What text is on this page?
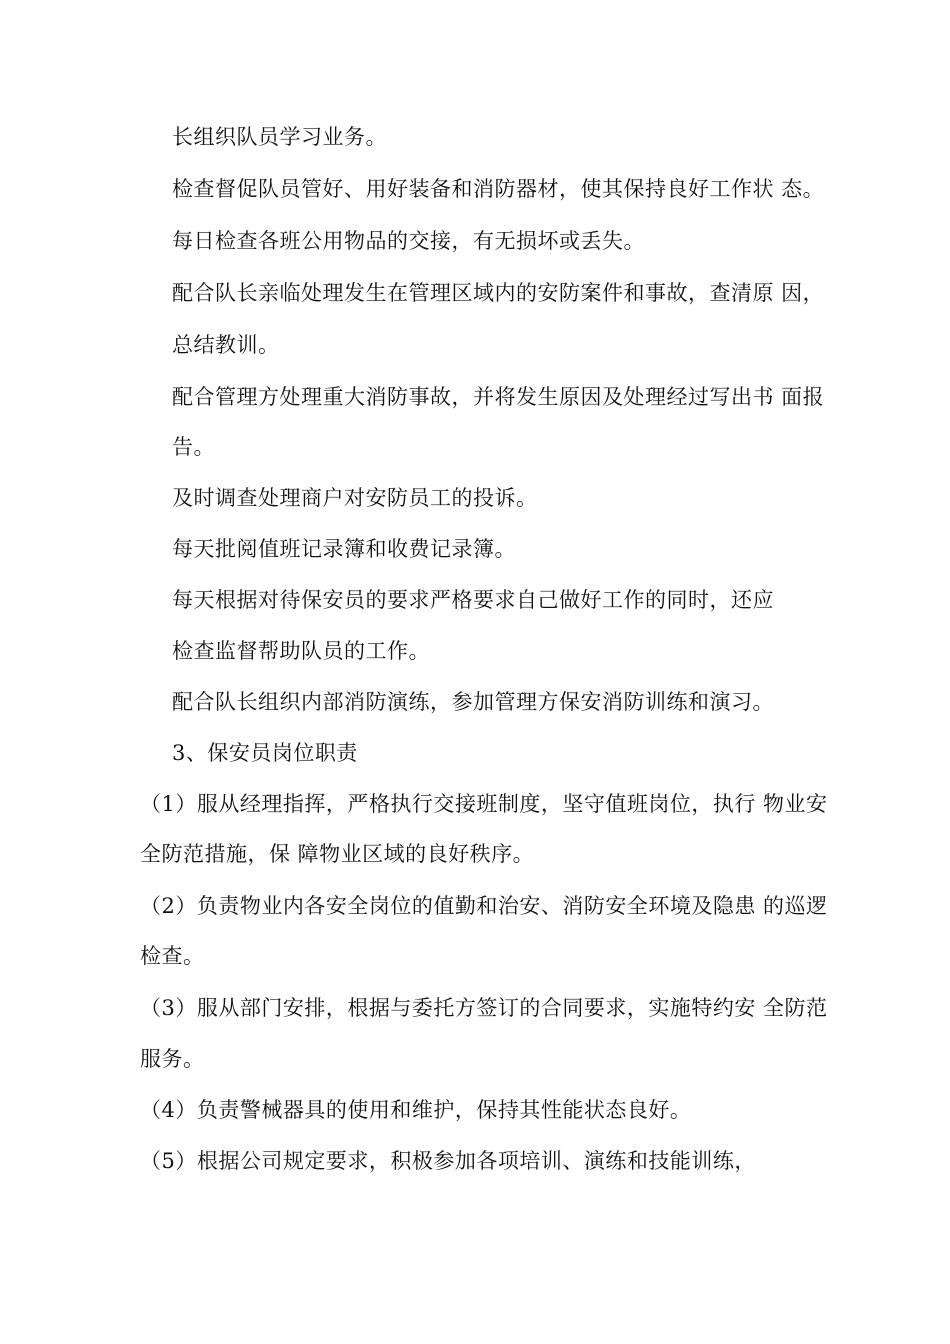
长组织队员学习业务。
检查督促队员管好、用好装备和消防器材，使其保持良好工作状 态。
每日检查各班公用物品的交接，有无损坏或丢失。
配合队长亲临处理发生在管理区域内的安防案件和事故，查清原 因，
总结教训。
配合管理方处理重大消防事故，并将发生原因及处理经过写出书 面报
告。
及时调查处理商户对安防员工的投诉。
每天批阅值班记录簿和收费记录簿。
每天根据对待保安员的要求严格要求自己做好工作的同时，还应
检查监督帮助队员的工作。
配合队长组织内部消防演练，参加管理方保安消防训练和演习。
3、保安员岗位职责
（1）服从经理指挥，严格执行交接班制度，坚守值班岗位，执行 物业安
全防范措施，保 障物业区域的良好秩序。
（2）负责物业内各安全岗位的值勤和治安、消防安全环境及隐患 的巡逻
检查。
（3）服从部门安排，根据与委托方签订的合同要求，实施特约安 全防范
服务。
（4）负责警械器具的使用和维护，保持其性能状态良好。
（5）根据公司规定要求，积极参加各项培训、演练和技能训练，
